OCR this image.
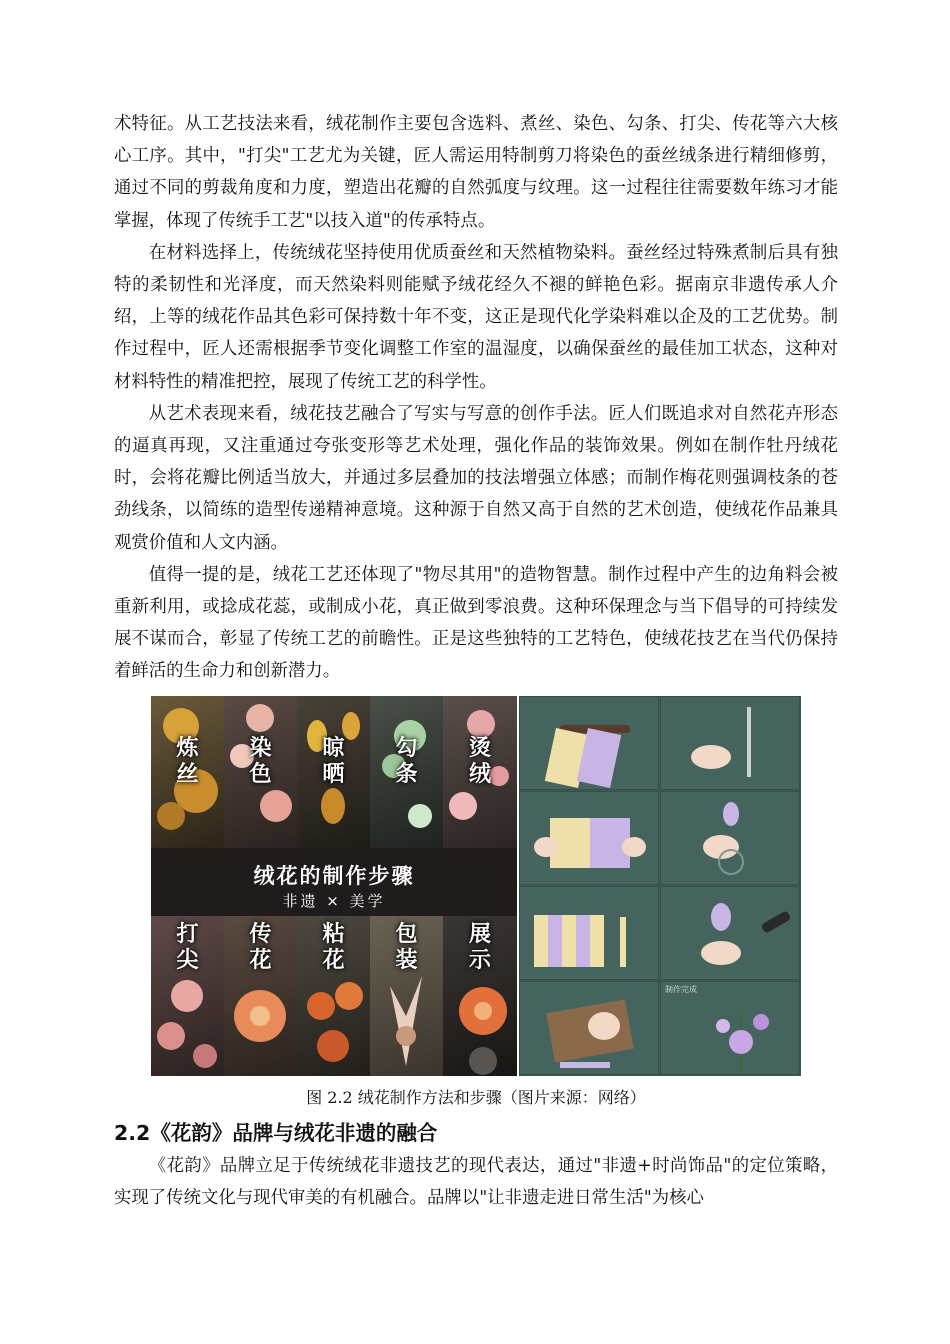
术特征。从工艺技法来看，绒花制作主要包含选料、煮丝、染色、勾条、打尖、传花等六大核心工序。其中，"打尖"工艺尤为关键，匠人需运用特制剪刀将染色的蚕丝绒条进行精细修剪，通过不同的剪裁角度和力度，塑造出花瓣的自然弧度与纹理。这一过程往往需要数年练习才能掌握，体现了传统手工艺"以技入道"的传承特点。

在材料选择上，传统绒花坚持使用优质蚕丝和天然植物染料。蚕丝经过特殊煮制后具有独特的柔韧性和光泽度，而天然染料则能赋予绒花经久不褪的鲜艳色彩。据南京非遗传承人介绍，上等的绒花作品其色彩可保持数十年不变，这正是现代化学染料难以企及的工艺优势。制作过程中，匠人还需根据季节变化调整工作室的温湿度，以确保蚕丝的最佳加工状态，这种对材料特性的精准把控，展现了传统工艺的科学性。

从艺术表现来看，绒花技艺融合了写实与写意的创作手法。匠人们既追求对自然花卉形态的逼真再现，又注重通过夸张变形等艺术处理，强化作品的装饰效果。例如在制作牡丹绒花时，会将花瓣比例适当放大，并通过多层叠加的技法增强立体感；而制作梅花则强调枝条的苍劲线条，以简练的造型传递精神意境。这种源于自然又高于自然的艺术创造，使绒花作品兼具观赏价值和人文内涵。

值得一提的是，绒花工艺还体现了"物尽其用"的造物智慧。制作过程中产生的边角料会被重新利用，或捻成花蕊，或制成小花，真正做到零浪费。这种环保理念与当下倡导的可持续发展不谋而合，彰显了传统工艺的前瞻性。正是这些独特的工艺特色，使绒花技艺在当代仍保持着鲜活的生命力和创新潜力。

炼
丝
染
色
晾
晒
勾
条
烫
绒
绒花的制作步骤
非遗 × 美学
打
尖
传
花
粘
花
包
装
展
示
制作完成
图 2.2 绒花制作方法和步骤（图片来源：网络）
2.2《花韵》品牌与绒花非遗的融合

《花韵》品牌立足于传统绒花非遗技艺的现代表达，通过"非遗+时尚饰品"的定位策略，实现了传统文化与现代审美的有机融合。品牌以"让非遗走进日常生活"为核心
